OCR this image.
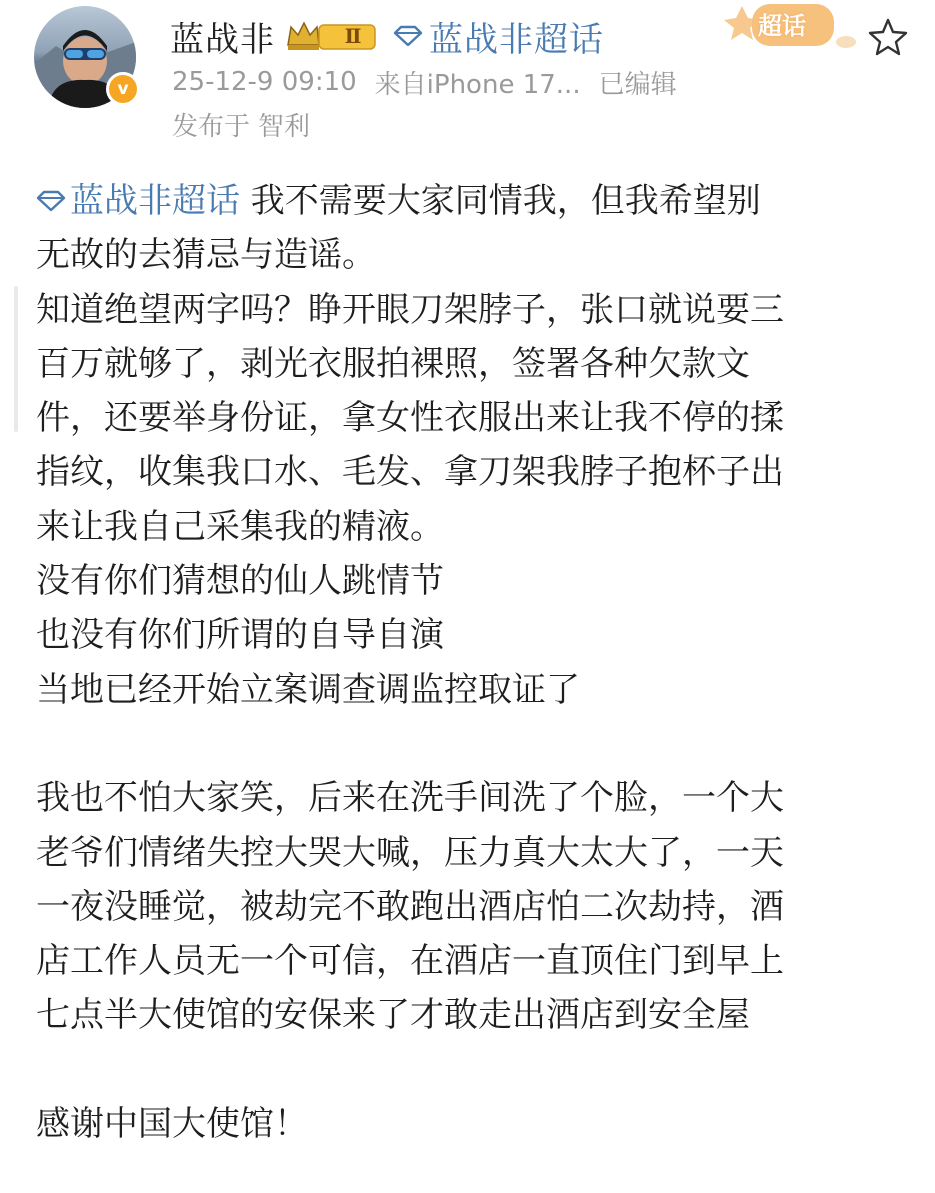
v
蓝战非	Ⅱ	蓝战非超话	超话
25-12-9 09:10 来自iPhone 17... 已编辑
发布于 智利
蓝战非超话 我不需要大家同情我，但我希望别
无故的去猜忌与造谣。
知道绝望两字吗？睁开眼刀架脖子，张口就说要三
百万就够了，剥光衣服拍裸照，签署各种欠款文
件，还要举身份证，拿女性衣服出来让我不停的揉
指纹，收集我口水、毛发、拿刀架我脖子抱杯子出
来让我自己采集我的精液。
没有你们猜想的仙人跳情节
也没有你们所谓的自导自演
当地已经开始立案调查调监控取证了
我也不怕大家笑，后来在洗手间洗了个脸，一个大
老爷们情绪失控大哭大喊，压力真大太大了，一天
一夜没睡觉，被劫完不敢跑出酒店怕二次劫持，酒
店工作人员无一个可信，在酒店一直顶住门到早上
七点半大使馆的安保来了才敢走出酒店到安全屋
感谢中国大使馆！
